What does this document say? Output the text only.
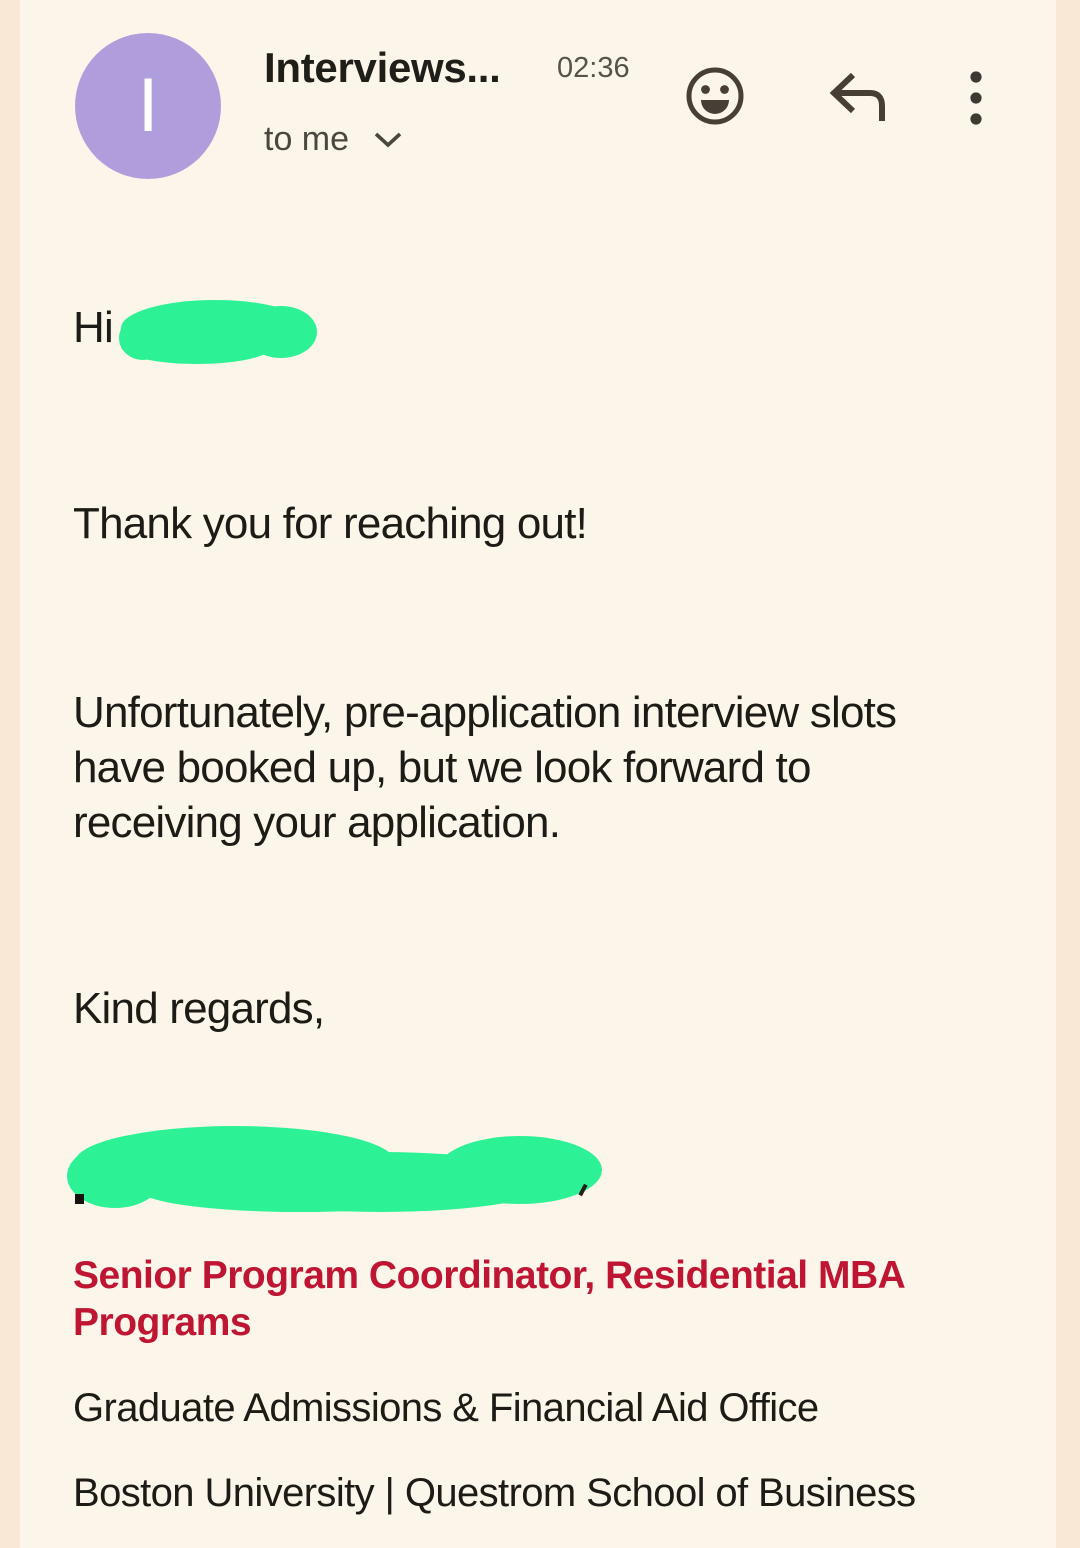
I	Interviews... 02:36
to me
Hi
Thank you for reaching out!
Unfortunately, pre-application interview slots
have booked up, but we look forward to
receiving your application.
Kind regards,
Senior Program Coordinator, Residential MBA
Programs
Graduate Admissions & Financial Aid Office
Boston University | Questrom School of Business
